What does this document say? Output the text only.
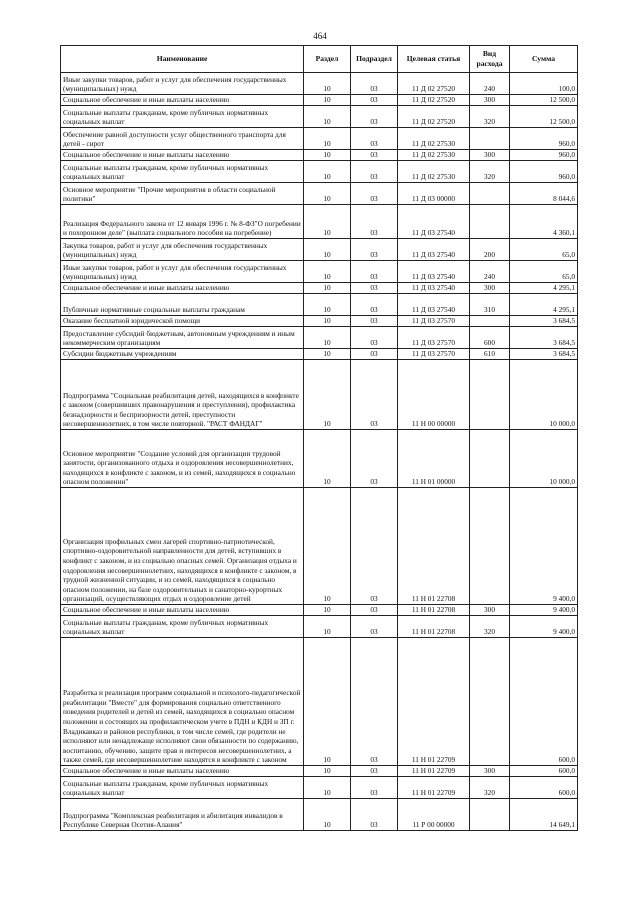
464
Наименование	Раздел	Подраздел	Целевая статья	Вид расхода	Сумма
Иные закупки товаров, работ и услуг для обеспечения государственных (муниципальных) нужд	10	03	11 Д 02 27520	240	100,0
Социальное обеспечение и иные выплаты населению	10	03	11 Д 02 27520	300	12 500,0
Социальные выплаты гражданам, кроме публичных нормативных социальных выплат	10	03	11 Д 02 27520	320	12 500,0
Обеспечение равной доступности услуг общественного транспорта для детей - сирот	10	03	11 Д 02 27530		960,0
Социальное обеспечение и иные выплаты населению	10	03	11 Д 02 27530	300	960,0
Социальные выплаты гражданам, кроме публичных нормативных социальных выплат	10	03	11 Д 02 27530	320	960,0
Основное мероприятие "Прочие мероприятия в области социальной политики"	10	03	11 Д 03 00000		8 044,6
Реализация Федерального закона от 12 января 1996 г. № 8-ФЗ"О погребении и похоронном деле" (выплата социального пособия на погребение)	10	03	11 Д 03 27540		4 360,1
Закупка товаров, работ и услуг для обеспечения государственных (муниципальных) нужд	10	03	11 Д 03 27540	200	65,0
Иные закупки товаров, работ и услуг для обеспечения государственных (муниципальных) нужд	10	03	11 Д 03 27540	240	65,0
Социальное обеспечение и иные выплаты населению	10	03	11 Д 03 27540	300	4 295,1
Публичные нормативные социальные выплаты гражданам	10	03	11 Д 03 27540	310	4 295,1
Оказание бесплатной юридической помощи	10	03	11 Д 03 27570		3 684,5
Предоставление субсидий бюджетным, автономным учреждениям и иным некоммерческим организациям	10	03	11 Д 03 27570	600	3 684,5
Субсидии бюджетным учреждениям	10	03	11 Д 03 27570	610	3 684,5
Подпрограмма "Социальная реабилитация детей, находящихся в конфликте с законом (совершивших правонарушения и преступления), профилактика безнадзорности и беспризорности детей, преступности несовершеннолетних, в том числе повторной. "РАСТ ФАНДАГ"	10	03	11 Н 00 00000		10 000,0
Основное мероприятие "Создание условий для организации трудовой занятости, организованного отдыха и оздоровления несовершеннолетних, находящихся в конфликте с законом, и из семей, находящихся в социально опасном положении"	10	03	11 Н 01 00000		10 000,0
Организация профильных смен лагерей спортивно-патриотической, спортивно-оздоровительной направленности для детей, вступивших в конфликт с законом, и из социально опасных семей. Организация отдыха и оздоровления несовершеннолетних, находящихся в конфликте с законом, в трудной жизненной ситуации, и из семей, находящихся в социально опасном положении, на базе оздоровительных и санаторно-курортных организаций, осуществляющих отдых и оздоровление детей	10	03	11 Н 01 22708		9 400,0
Социальное обеспечение и иные выплаты населению	10	03	11 Н 01 22708	300	9 400,0
Социальные выплаты гражданам, кроме публичных нормативных социальных выплат	10	03	11 Н 01 22708	320	9 400,0
Разработка и реализация программ социальной и психолого-педагогической реабилитации "Вместе" для формирования социально ответственного поведения родителей и детей из семей, находящихся в социально опасном положении и состоящих на профилактическом учете в ПДН и КДН и ЗП г. Владикавказ и районов республики, в том числе семей, где родители не исполняют или ненадлежаще исполняют свои обязанности по содержанию, воспитанию, обучению, защите прав и интересов несовершеннолетних, а также семей, где несовершеннолетние находятся в конфликте с законом	10	03	11 Н 01 22709		600,0
Социальное обеспечение и иные выплаты населению	10	03	11 Н 01 22709	300	600,0
Социальные выплаты гражданам, кроме публичных нормативных социальных выплат	10	03	11 Н 01 22709	320	600,0
Подпрограмма "Комплексная реабилитация и абилитация инвалидов в Республике Северная Осетия-Алания"	10	03	11 Р 00 00000		14 649,1
